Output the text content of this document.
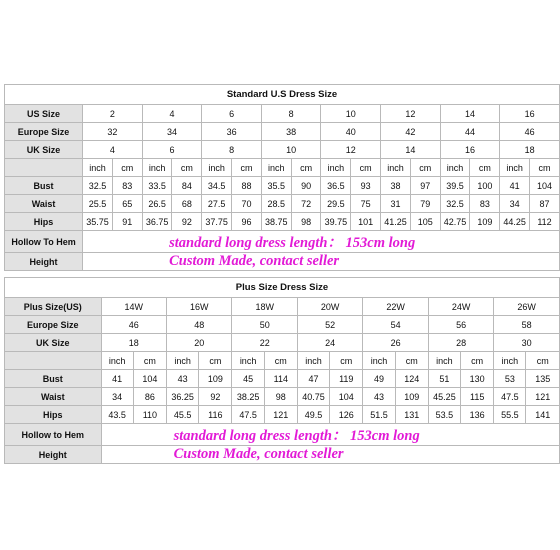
Standard U.S Dress Size																
US Size	2		4		6		8		10		12		14		16	
Europe Size	32		34		36		38		40		42		44		46	
UK Size	4		6		8		10		12		14		16		18	
	inch	cm	inch	cm	inch	cm	inch	cm	inch	cm	inch	cm	inch	cm	inch	cm
Bust	32.5	83	33.5	84	34.5	88	35.5	90	36.5	93	38	97	39.5	100	41	104
Waist	25.5	65	26.5	68	27.5	70	28.5	72	29.5	75	31	79	32.5	83	34	87
Hips	35.75	91	36.75	92	37.75	96	38.75	98	39.75	101	41.25	105	42.75	109	44.25	112
Hollow To Hem	standard long dress length： 153cm long															
Height	Custom Made, contact seller															
Plus Size Dress Size														
Plus Size(US)	14W		16W		18W		20W		22W		24W		26W	
Europe Size	46		48		50		52		54		56		58	
UK Size	18		20		22		24		26		28		30	
	inch	cm	inch	cm	inch	cm	inch	cm	inch	cm	inch	cm	inch	cm
Bust	41	104	43	109	45	114	47	119	49	124	51	130	53	135
Waist	34	86	36.25	92	38.25	98	40.75	104	43	109	45.25	115	47.5	121
Hips	43.5	110	45.5	116	47.5	121	49.5	126	51.5	131	53.5	136	55.5	141
Hollow to Hem	standard long dress length： 153cm long													
Height	Custom Made, contact seller													
